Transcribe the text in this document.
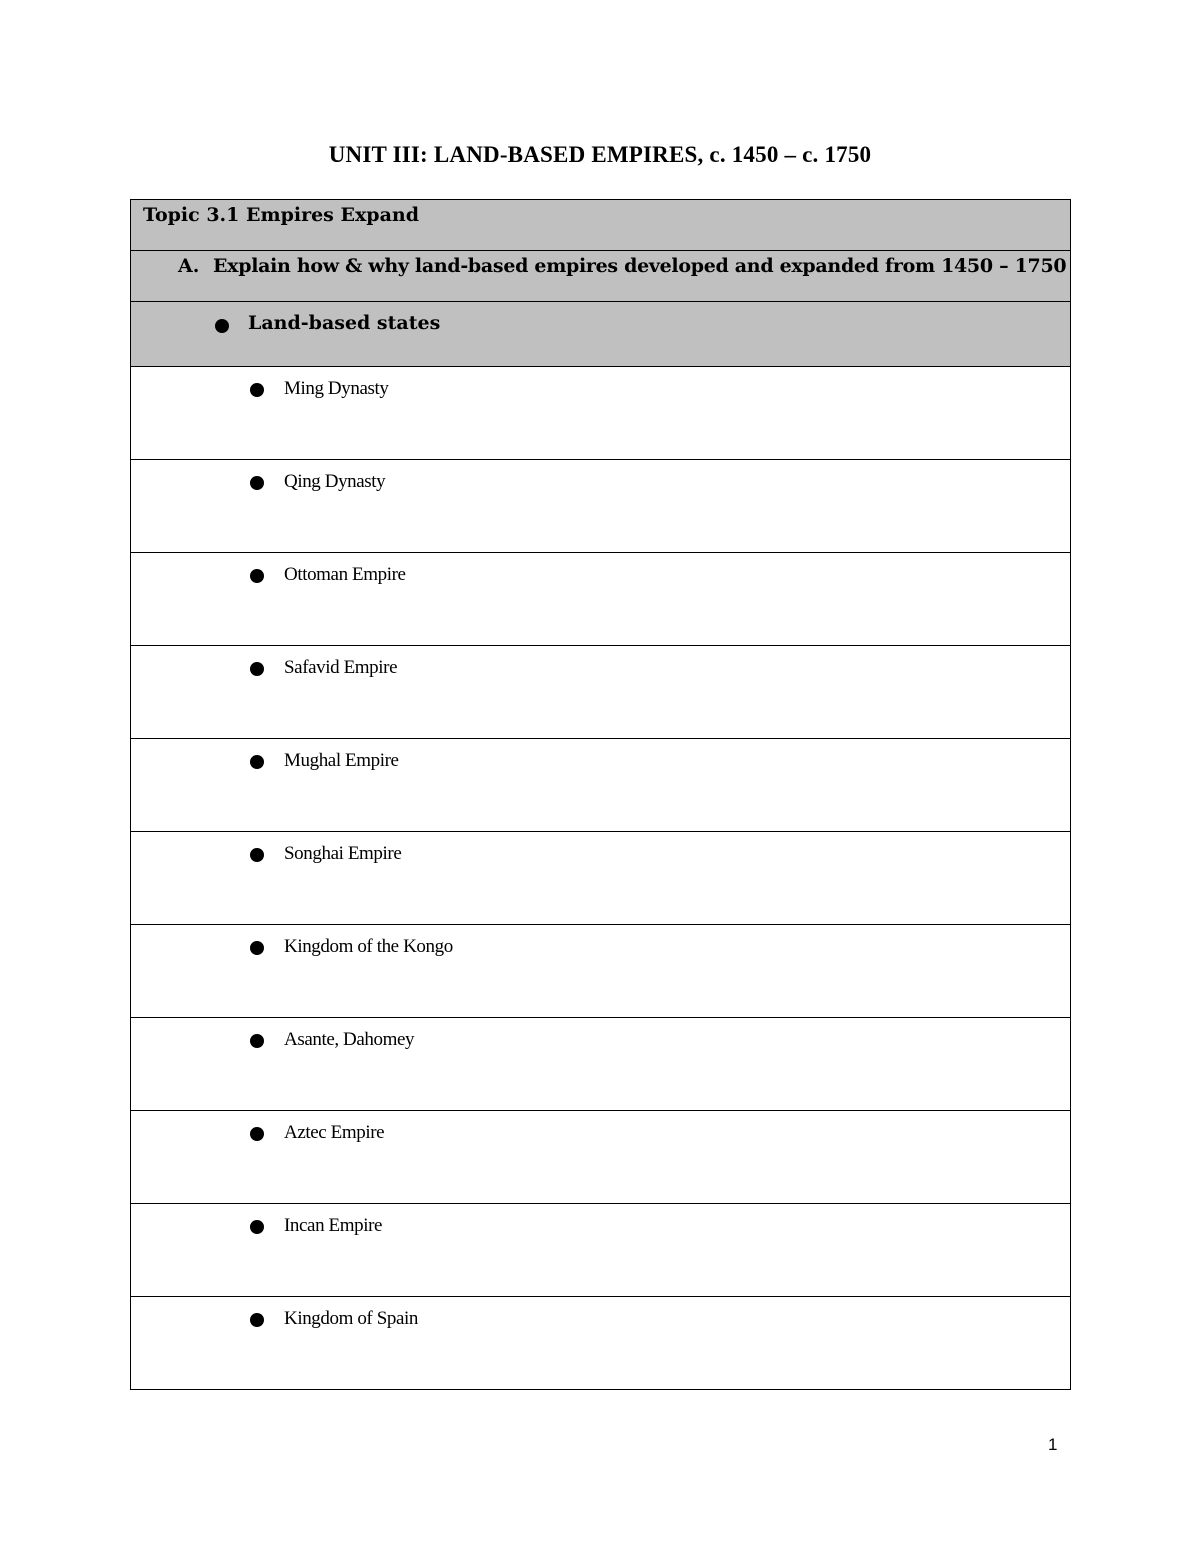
UNIT III: LAND-BASED EMPIRES, c. 1450 – c. 1750
Topic 3.1 Empires Expand

A. Explain how & why land-based empires developed and expanded from 1450 – 1750

Land-based states

Ming Dynasty

Qing Dynasty

Ottoman Empire

Safavid Empire

Mughal Empire

Songhai Empire

Kingdom of the Kongo

Asante, Dahomey

Aztec Empire

Incan Empire

Kingdom of Spain
1
